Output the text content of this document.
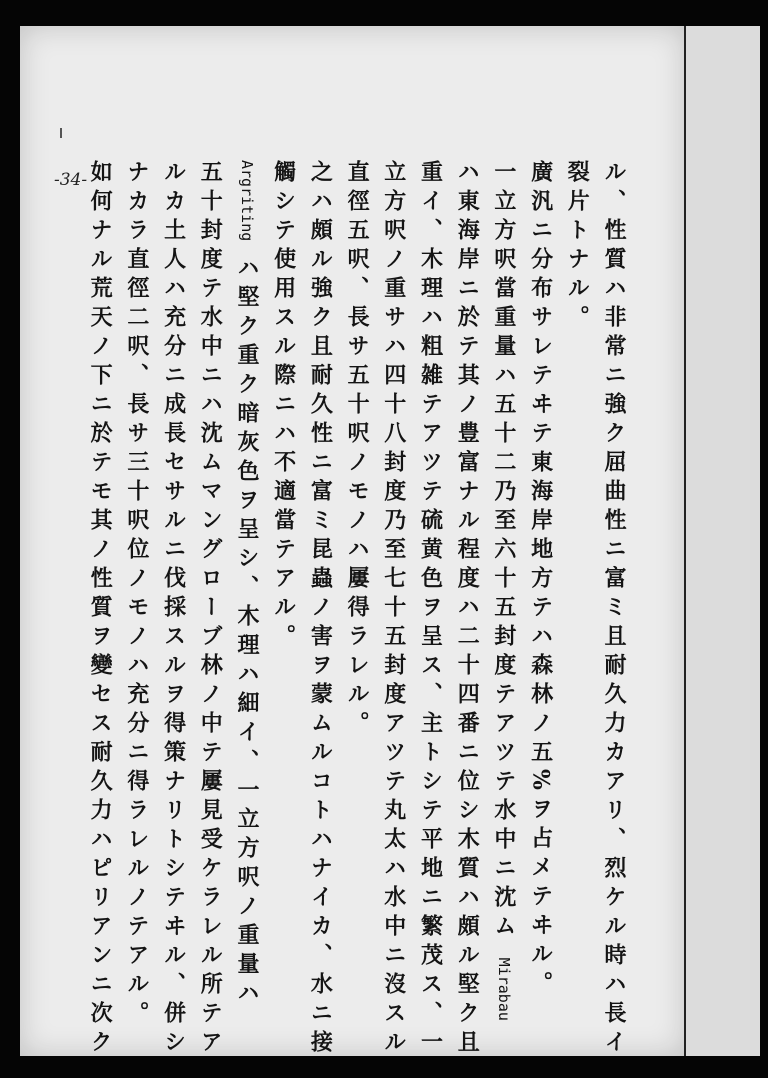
-34-	ル、性質ハ非常ニ強ク屈曲性ニ富ミ且耐久力カアリ、烈ケル時ハ長イ

裂片トナル。

廣汎ニ分布サレテヰテ東海岸地方テハ森林ノ五%ヲ占メテヰル。

一立方呎當重量ハ五十二乃至六十五封度テアツテ水中ニ沈ム Mirabau

ハ東海岸ニ於テ其ノ豊富ナル程度ハ二十四番ニ位シ木質ハ頗ル堅ク且

重イ、木理ハ粗雑テアツテ硫黄色ヲ呈ス、主トシテ平地ニ繁茂ス、一

立方呎ノ重サハ四十八封度乃至七十五封度アツテ丸太ハ水中ニ沒スル

直徑五呎、長サ五十呎ノモノハ屢得ラレル。

之ハ頗ル強ク且耐久性ニ富ミ昆蟲ノ害ヲ蒙ムルコトハナイカ、水ニ接

觸シテ使用スル際ニハ不適當テアル。

Argriting ハ堅ク重ク暗灰色ヲ呈シ、木理ハ細イ、一立方呎ノ重量ハ

五十封度テ水中ニハ沈ムマングローブ林ノ中テ屢見受ケラレル所テア

ルカ土人ハ充分ニ成長セサルニ伐採スルヲ得策ナリトシテヰル、併シ

ナカラ直徑二呎、長サ三十呎位ノモノハ充分ニ得ラレルノテアル。

如何ナル荒天ノ下ニ於テモ其ノ性質ヲ變セス耐久力ハピリアンニ次ク
